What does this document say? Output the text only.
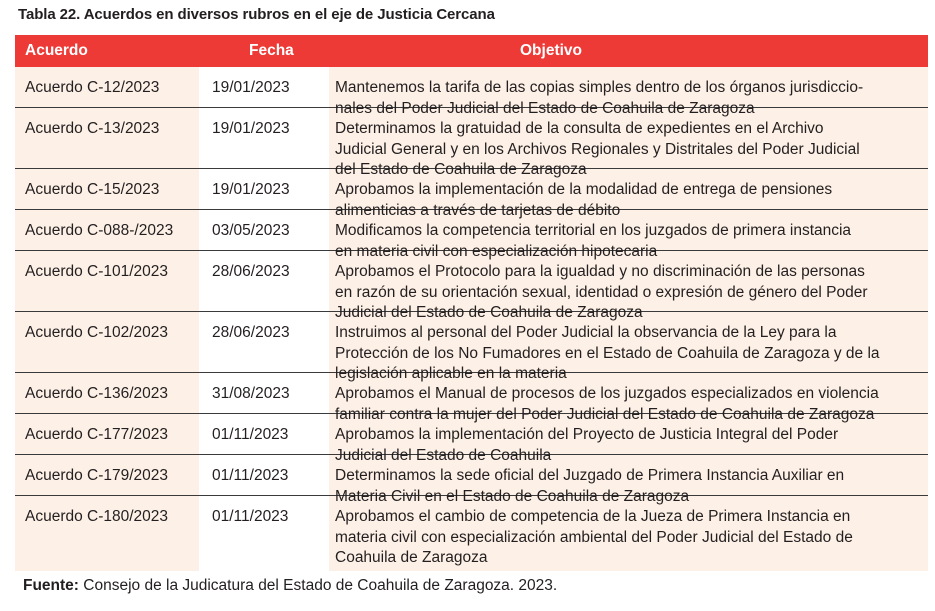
Tabla 22. Acuerdos en diversos rubros en el eje de Justicia Cercana
Acuerdo	Fecha	Objetivo
Acuerdo C-12/2023	19/01/2023	Mantenemos la tarifa de las copias simples dentro de los órganos jurisdiccio-
nales del Poder Judicial del Estado de Coahuila de Zaragoza
Acuerdo C-13/2023	19/01/2023	Determinamos la gratuidad de la consulta de expedientes en el Archivo
Judicial General y en los Archivos Regionales y Distritales del Poder Judicial
del Estado de Coahuila de Zaragoza
Acuerdo C-15/2023	19/01/2023	Aprobamos la implementación de la modalidad de entrega de pensiones
alimenticias a través de tarjetas de débito
Acuerdo C-088-/2023	03/05/2023	Modificamos la competencia territorial en los juzgados de primera instancia
en materia civil con especialización hipotecaria
Acuerdo C-101/2023	28/06/2023	Aprobamos el Protocolo para la igualdad y no discriminación de las personas
en razón de su orientación sexual, identidad o expresión de género del Poder
Judicial del Estado de Coahuila de Zaragoza
Acuerdo C-102/2023	28/06/2023	Instruimos al personal del Poder Judicial la observancia de la Ley para la
Protección de los No Fumadores en el Estado de Coahuila de Zaragoza y de la
legislación aplicable en la materia
Acuerdo C-136/2023	31/08/2023	Aprobamos el Manual de procesos de los juzgados especializados en violencia
familiar contra la mujer del Poder Judicial del Estado de Coahuila de Zaragoza
Acuerdo C-177/2023	01/11/2023	Aprobamos la implementación del Proyecto de Justicia Integral del Poder
Judicial del Estado de Coahuila
Acuerdo C-179/2023	01/11/2023	Determinamos la sede oficial del Juzgado de Primera Instancia Auxiliar en
Materia Civil en el Estado de Coahuila de Zaragoza
Acuerdo C-180/2023	01/11/2023	Aprobamos el cambio de competencia de la Jueza de Primera Instancia en
materia civil con especialización ambiental del Poder Judicial del Estado de
Coahuila de Zaragoza
Fuente: Consejo de la Judicatura del Estado de Coahuila de Zaragoza. 2023.
